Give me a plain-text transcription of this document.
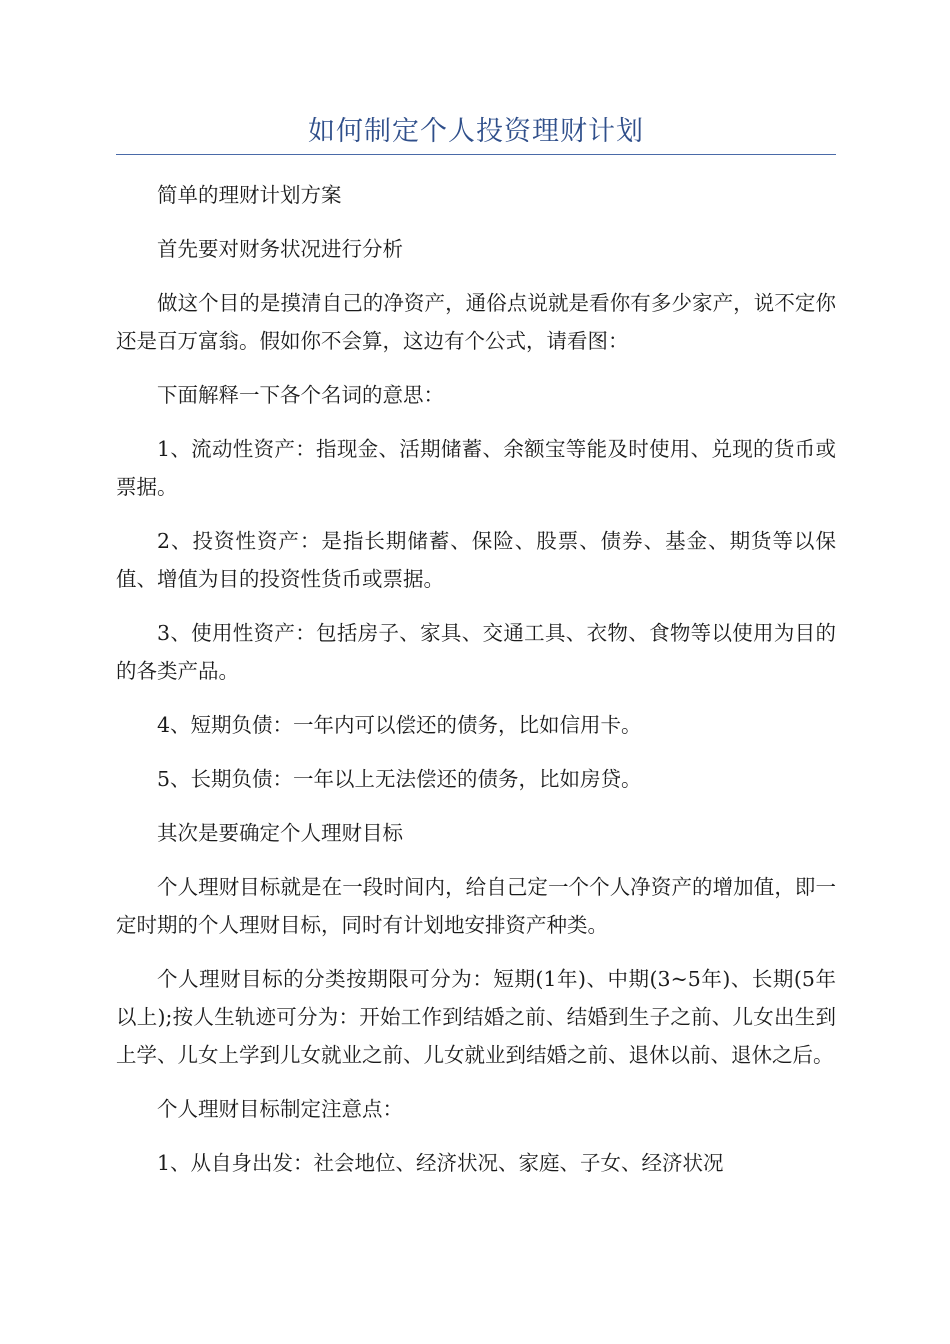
如何制定个人投资理财计划

简单的理财计划方案

首先要对财务状况进行分析

做这个目的是摸清自己的净资产，通俗点说就是看你有多少家产，说不定你还是百万富翁。假如你不会算，这边有个公式，请看图：

下面解释一下各个名词的意思：

1、流动性资产：指现金、活期储蓄、余额宝等能及时使用、兑现的货币或票据。

2、投资性资产：是指长期储蓄、保险、股票、债券、基金、期货等以保值、增值为目的投资性货币或票据。

3、使用性资产：包括房子、家具、交通工具、衣物、食物等以使用为目的的各类产品。

4、短期负债：一年内可以偿还的债务，比如信用卡。

5、长期负债：一年以上无法偿还的债务，比如房贷。

其次是要确定个人理财目标

个人理财目标就是在一段时间内，给自己定一个个人净资产的增加值，即一定时期的个人理财目标，同时有计划地安排资产种类。

个人理财目标的分类按期限可分为：短期(1年)、中期(3~5年)、长期(5年以上);按人生轨迹可分为：开始工作到结婚之前、结婚到生子之前、儿女出生到上学、儿女上学到儿女就业之前、儿女就业到结婚之前、退休以前、退休之后。

个人理财目标制定注意点：

1、从自身出发：社会地位、经济状况、家庭、子女、经济状况
